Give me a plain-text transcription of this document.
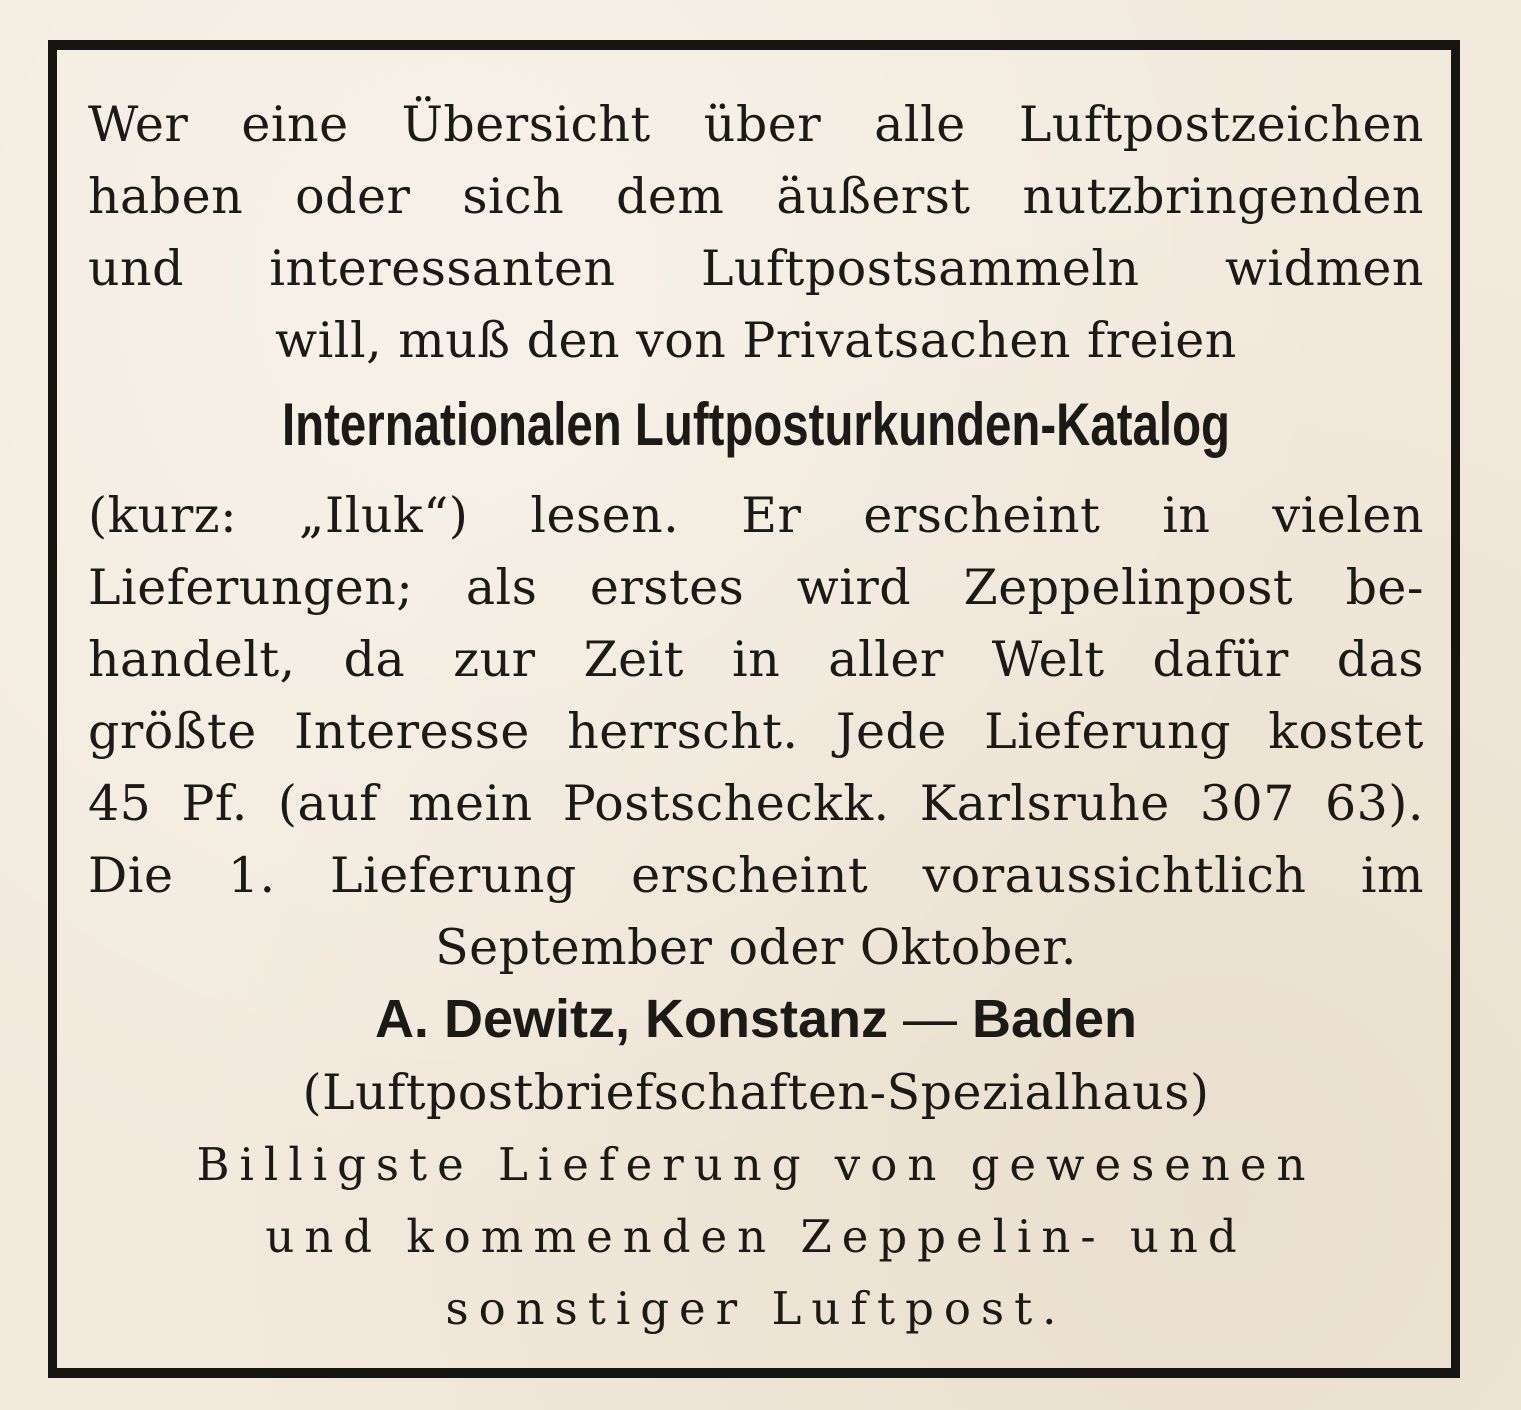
Wer eine Übersicht über alle Luftpostzeichen
haben oder sich dem äußerst nutzbringenden
und interessanten Luftpostsammeln widmen
will, muß den von Privatsachen freien
Internationalen Luftposturkunden-Katalog
(kurz: „Iluk“) lesen. Er erscheint in vielen
Lieferungen; als erstes wird Zeppelinpost be-
handelt, da zur Zeit in aller Welt dafür das
größte Interesse herrscht. Jede Lieferung kostet
45 Pf. (auf mein Postscheckk. Karlsruhe 307 63).
Die 1. Lieferung erscheint voraussichtlich im
September oder Oktober.
A. Dewitz, Konstanz — Baden
(Luftpostbriefschaften-Spezialhaus)
Billigste Lieferung von gewesenen
und kommenden Zeppelin- und
sonstiger Luftpost.
